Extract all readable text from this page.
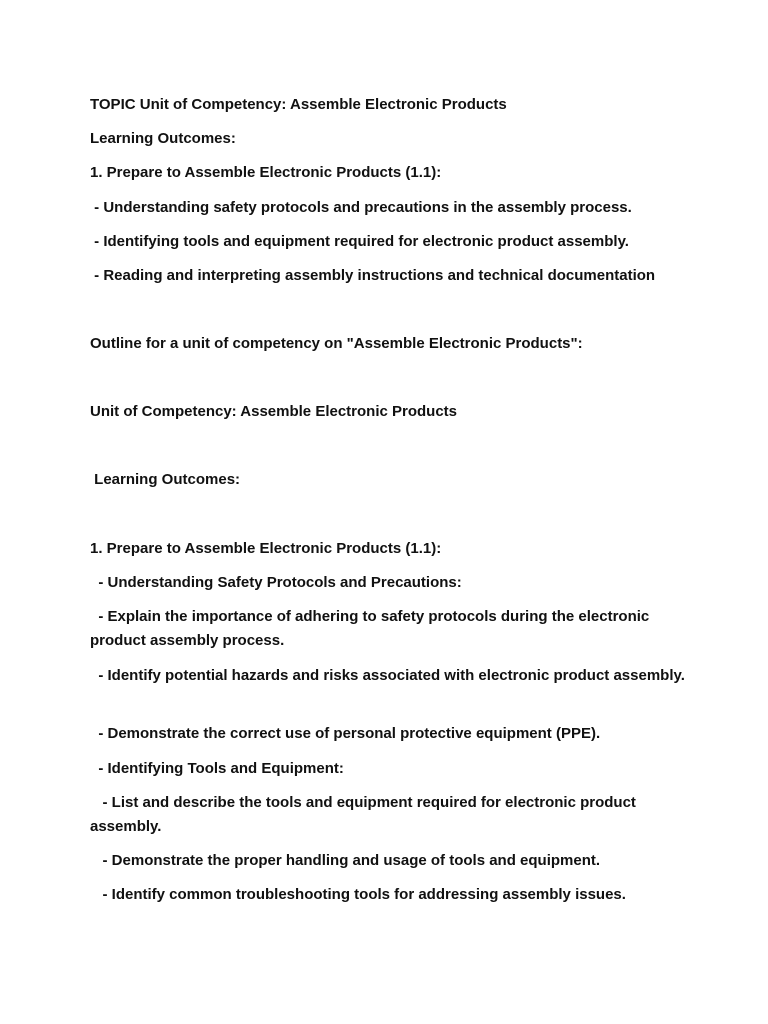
TOPIC Unit of Competency: Assemble Electronic Products

Learning Outcomes:

1. Prepare to Assemble Electronic Products (1.1):

- Understanding safety protocols and precautions in the assembly process.

- Identifying tools and equipment required for electronic product assembly.

- Reading and interpreting assembly instructions and technical documentation

Outline for a unit of competency on "Assemble Electronic Products":

Unit of Competency: Assemble Electronic Products

Learning Outcomes:

1. Prepare to Assemble Electronic Products (1.1):

- Understanding Safety Protocols and Precautions:

- Explain the importance of adhering to safety protocols during the electronic product assembly process.

- Identify potential hazards and risks associated with electronic product assembly.

- Demonstrate the correct use of personal protective equipment (PPE).

- Identifying Tools and Equipment:

- List and describe the tools and equipment required for electronic product assembly.

- Demonstrate the proper handling and usage of tools and equipment.

- Identify common troubleshooting tools for addressing assembly issues.
